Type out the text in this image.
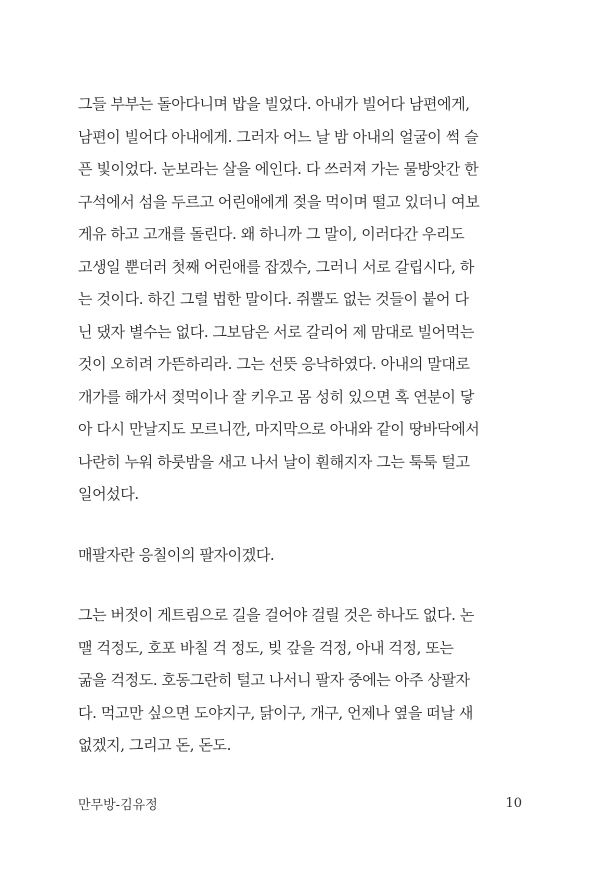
그들 부부는 돌아다니며 밥을 빌었다. 아내가 빌어다 남편에게,
남편이 빌어다 아내에게. 그러자 어느 날 밤 아내의 얼굴이 썩 슬
픈 빛이었다. 눈보라는 살을 에인다. 다 쓰러져 가는 물방앗간 한
구석에서 섬을 두르고 어린애에게 젖을 먹이며 떨고 있더니 여보
게유 하고 고개를 돌린다. 왜 하니까 그 말이, 이러다간 우리도
고생일 뿐더러 첫째 어린애를 잡겠수, 그러니 서로 갈립시다, 하
는 것이다. 하긴 그럴 법한 말이다. 쥐뿔도 없는 것들이 붙어 다
닌 댔자 별수는 없다. 그보담은 서로 갈리어 제 맘대로 빌어먹는
것이 오히려 가뜬하리라. 그는 선뜻 응낙하였다. 아내의 말대로
개가를 해가서 젖먹이나 잘 키우고 몸 성히 있으면 혹 연분이 닿
아 다시 만날지도 모르니깐, 마지막으로 아내와 같이 땅바닥에서
나란히 누워 하룻밤을 새고 나서 날이 훤해지자 그는 툭툭 털고
일어섰다.
매팔자란 응칠이의 팔자이겠다.
그는 버젓이 게트림으로 길을 걸어야 걸릴 것은 하나도 없다. 논
맬 걱정도, 호포 바칠 걱 정도, 빚 갚을 걱정, 아내 걱정, 또는
굶을 걱정도. 호동그란히 털고 나서니 팔자 중에는 아주 상팔자
다. 먹고만 싶으면 도야지구, 닭이구, 개구, 언제나 옆을 떠날 새
없겠지, 그리고 돈, 돈도.
만무방-김유정	10
